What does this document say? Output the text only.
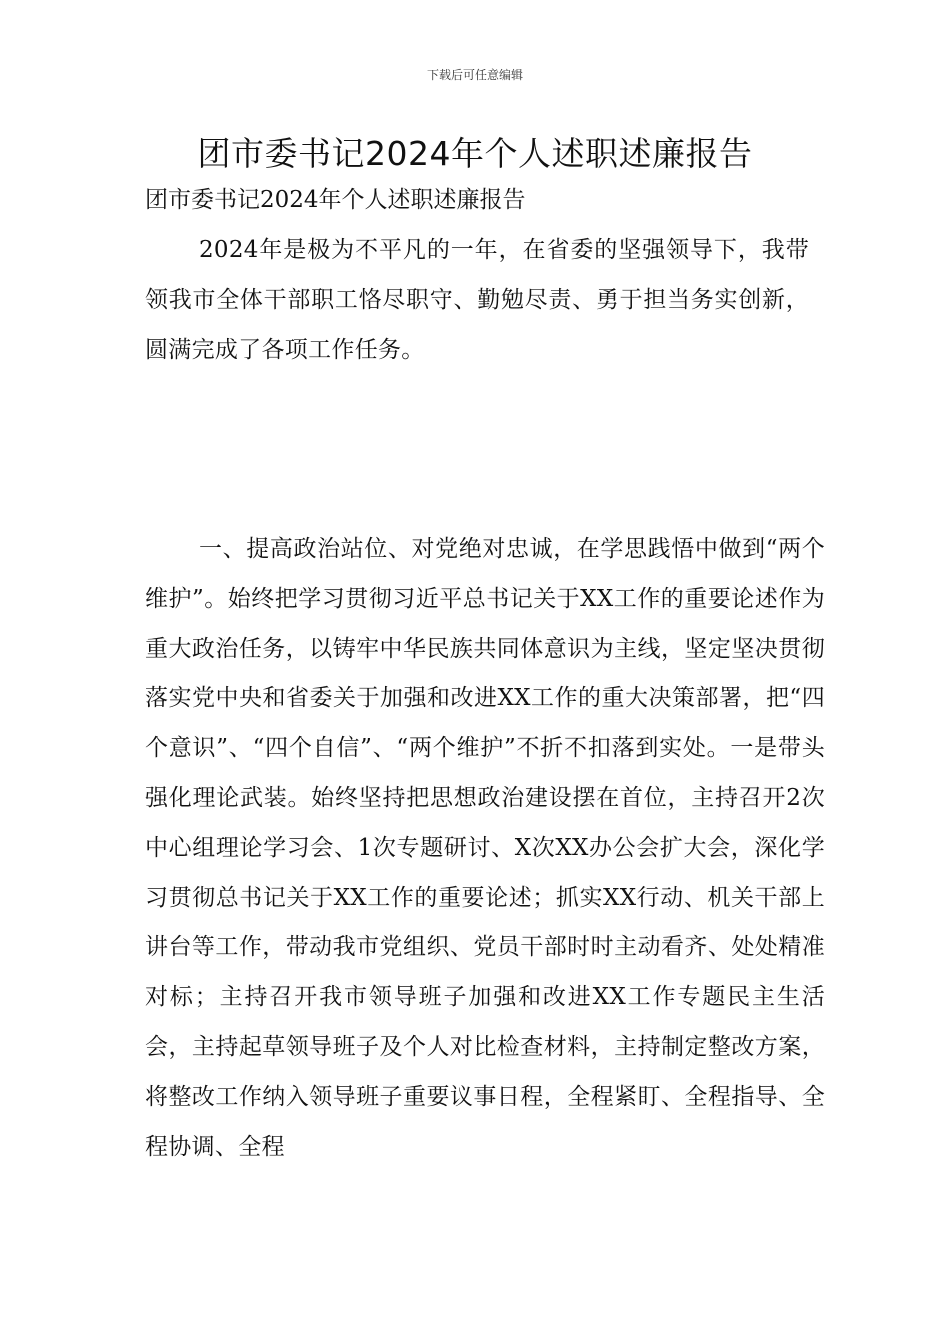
下载后可任意编辑
团市委书记2024年个人述职述廉报告

团市委书记2024年个人述职述廉报告

2024年是极为不平凡的一年，在省委的坚强领导下，我带领我市全体干部职工恪尽职守、勤勉尽责、勇于担当务实创新，圆满完成了各项工作任务。

一、提高政治站位、对党绝对忠诚，在学思践悟中做到“两个维护”。始终把学习贯彻习近平总书记关于XX工作的重要论述作为重大政治任务，以铸牢中华民族共同体意识为主线，坚定坚决贯彻落实党中央和省委关于加强和改进XX工作的重大决策部署，把“四个意识”、“四个自信”、“两个维护”不折不扣落到实处。一是带头强化理论武装。始终坚持把思想政治建设摆在首位，主持召开2次中心组理论学习会、1次专题研讨、X次XX办公会扩大会，深化学习贯彻总书记关于XX工作的重要论述；抓实XX行动、机关干部上讲台等工作，带动我市党组织、党员干部时时主动看齐、处处精准对标；主持召开我市领导班子加强和改进XX工作专题民主生活会，主持起草领导班子及个人对比检查材料，主持制定整改方案，将整改工作纳入领导班子重要议事日程，全程紧盯、全程指导、全程协调、全程
